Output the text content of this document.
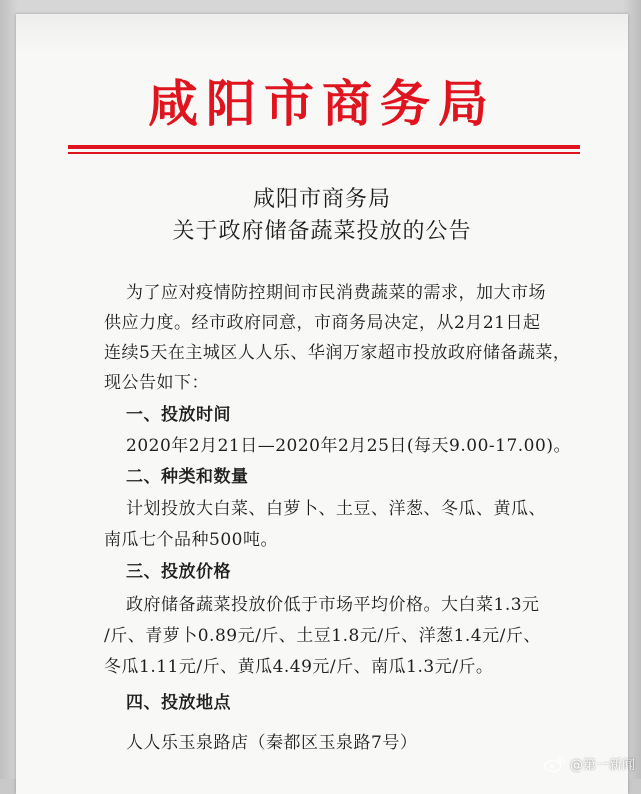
咸阳市商务局
咸阳市商务局
关于政府储备蔬菜投放的公告
为了应对疫情防控期间市民消费蔬菜的需求，加大市场
供应力度。经市政府同意，市商务局决定，从2月21日起
连续5天在主城区人人乐、华润万家超市投放政府储备蔬菜，
现公告如下：
一、投放时间
2020年2月21日—2020年2月25日(每天9.00-17.00)。
二、种类和数量
计划投放大白菜、白萝卜、土豆、洋葱、冬瓜、黄瓜、
南瓜七个品种500吨。
三、投放价格
政府储备蔬菜投放价低于市场平均价格。大白菜1.3元
/斤、青萝卜0.89元/斤、土豆1.8元/斤、洋葱1.4元/斤、
冬瓜1.11元/斤、黄瓜4.49元/斤、南瓜1.3元/斤。
四、投放地点
人人乐玉泉路店（秦都区玉泉路7号）
@第一新闻
